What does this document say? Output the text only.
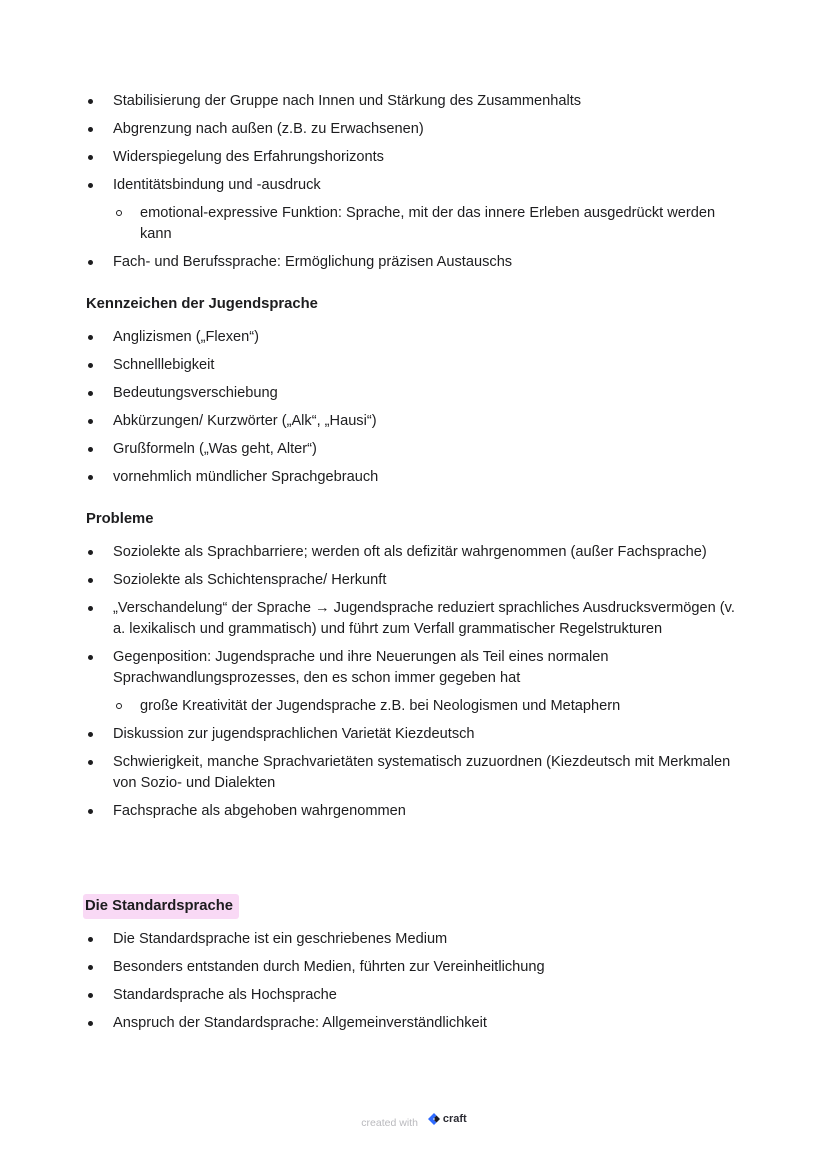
Stabilisierung der Gruppe nach Innen und Stärkung des Zusammenhalts
Abgrenzung nach außen (z.B. zu Erwachsenen)
Widerspiegelung des Erfahrungshorizonts
Identitätsbindung und -ausdruck
emotional-expressive Funktion: Sprache, mit der das innere Erleben ausgedrückt werden kann
Fach- und Berufssprache: Ermöglichung präzisen Austauschs
Kennzeichen der Jugendsprache
Anglizismen („Flexen“)
Schnelllebigkeit
Bedeutungsverschiebung
Abkürzungen/ Kurzwörter („Alk“, „Hausi“)
Grußformeln („Was geht, Alter“)
vornehmlich mündlicher Sprachgebrauch
Probleme
Soziolekte als Sprachbarriere; werden oft als defizitär wahrgenommen (außer Fachsprache)
Soziolekte als Schichtensprache/ Herkunft
„Verschandelung“ der Sprache → Jugendsprache reduziert sprachliches Ausdrucksvermögen (v. a. lexikalisch und grammatisch) und führt zum Verfall grammatischer Regelstrukturen
Gegenposition: Jugendsprache und ihre Neuerungen als Teil eines normalen Sprachwandlungsprozesses, den es schon immer gegeben hat
große Kreativität der Jugendsprache z.B. bei Neologismen und Metaphern
Diskussion zur jugendsprachlichen Varietät Kiezdeutsch
Schwierigkeit, manche Sprachvarietäten systematisch zuzuordnen (Kiezdeutsch mit Merkmalen von Sozio- und Dialekten
Fachsprache als abgehoben wahrgenommen
Die Standardsprache
Die Standardsprache ist ein geschriebenes Medium
Besonders entstanden durch Medien, führten zur Vereinheitlichung
Standardsprache als Hochsprache
Anspruch der Standardsprache: Allgemeinverständlichkeit
created with craft
